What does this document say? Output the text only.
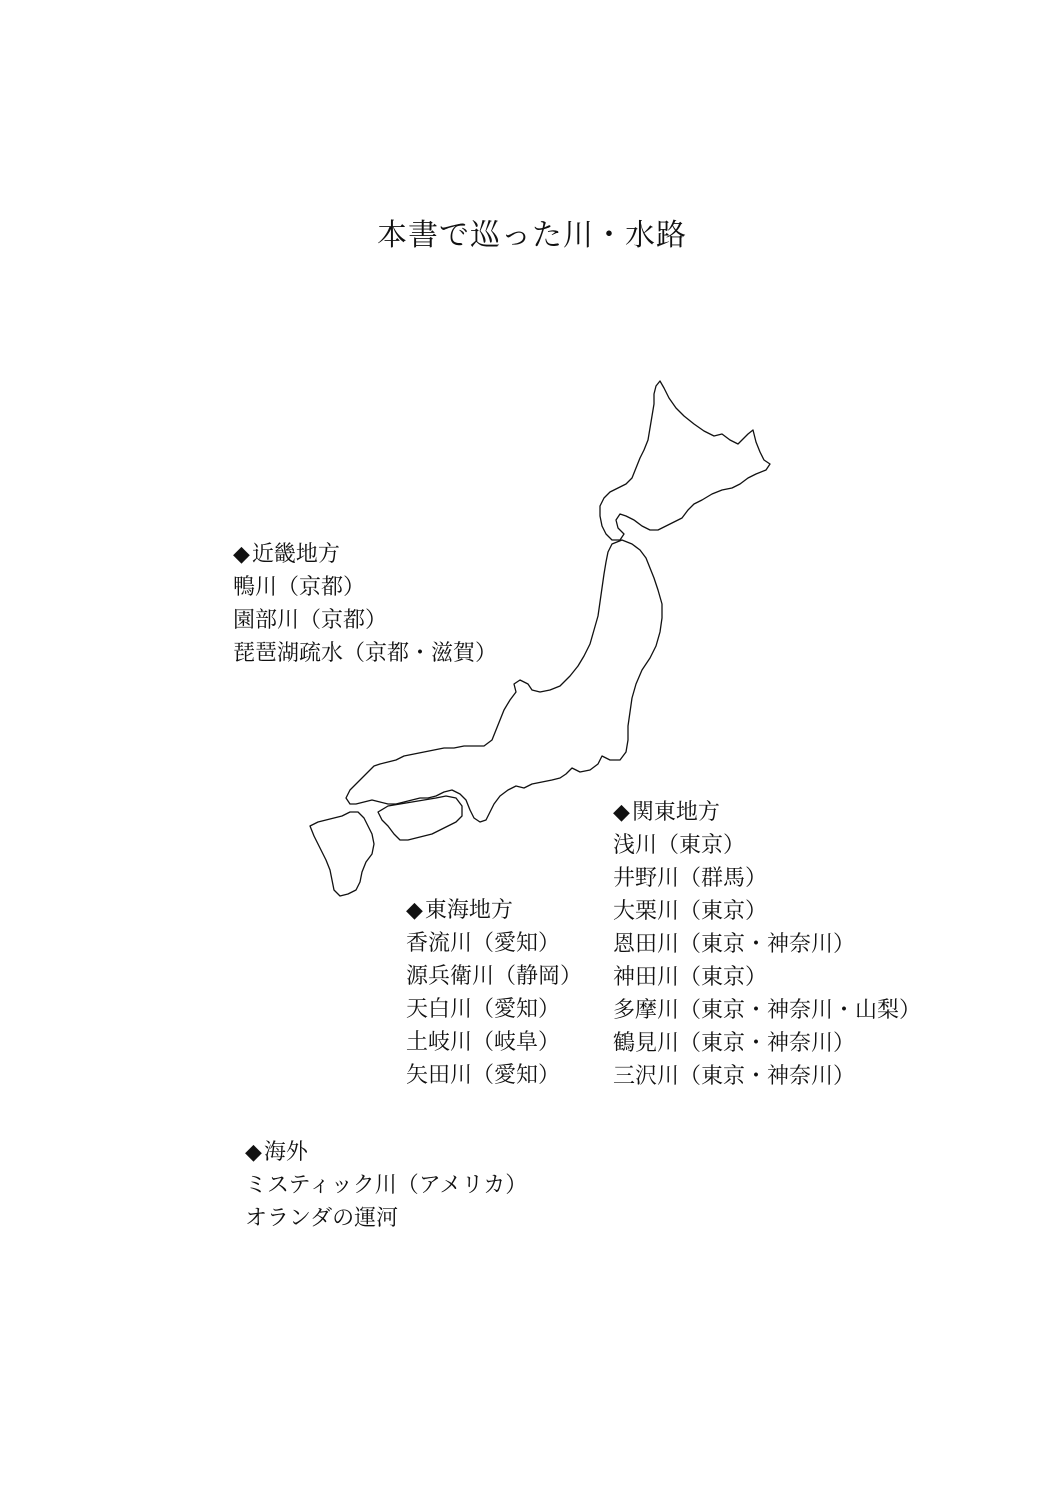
本書で巡った川・水路
◆近畿地方
鴨川（京都）
園部川（京都）
琵琶湖疏水（京都・滋賀）
◆関東地方
浅川（東京）
井野川（群馬）
大栗川（東京）
恩田川（東京・神奈川）
神田川（東京）
多摩川（東京・神奈川・山梨）
鶴見川（東京・神奈川）
三沢川（東京・神奈川）
◆東海地方
香流川（愛知）
源兵衛川（静岡）
天白川（愛知）
土岐川（岐阜）
矢田川（愛知）
◆海外
ミスティック川（アメリカ）
オランダの運河
